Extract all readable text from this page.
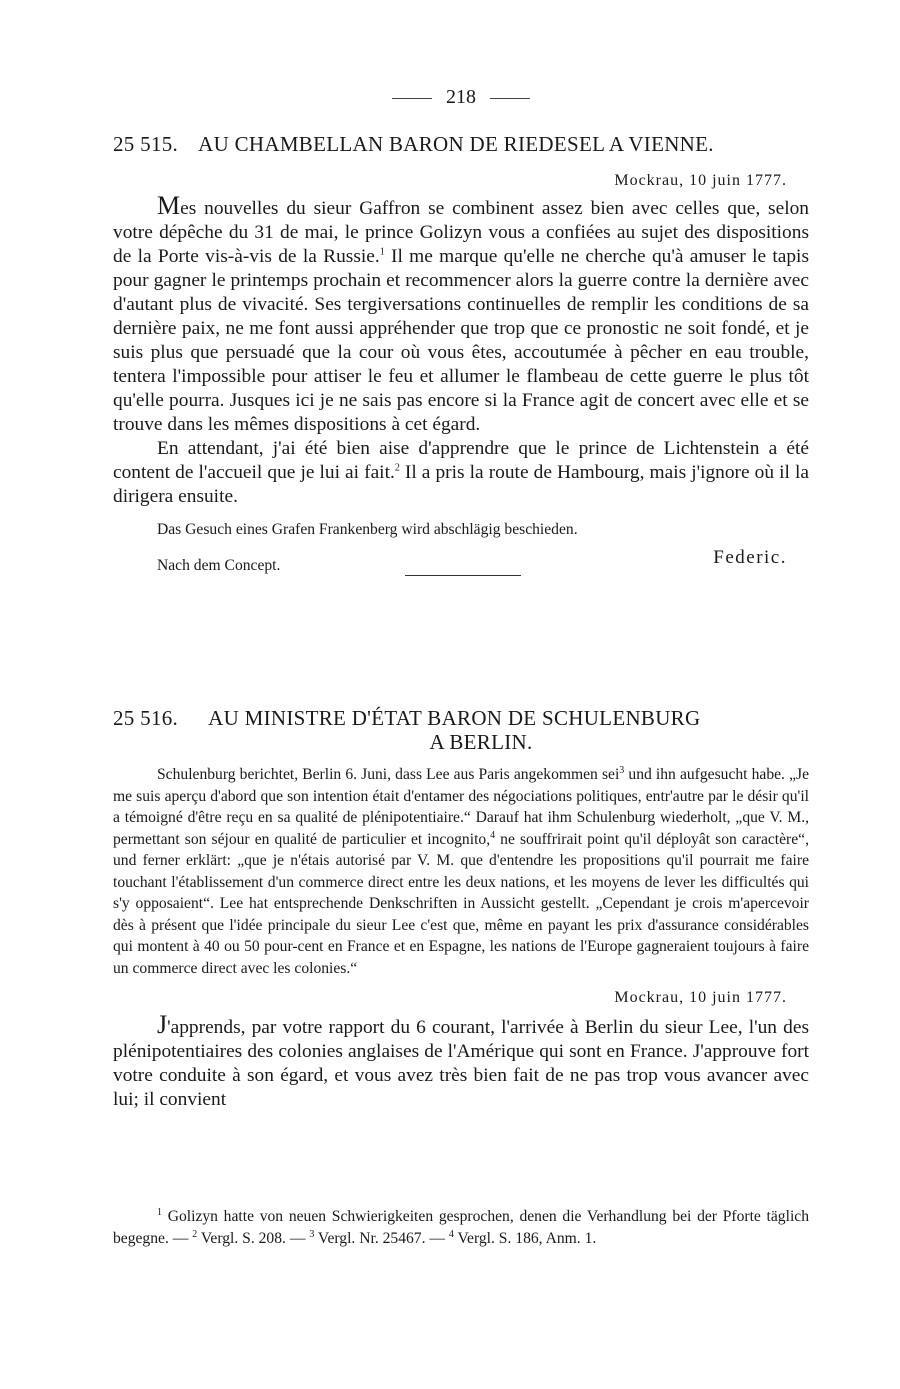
218
25 515. AU CHAMBELLAN BARON DE RIEDESEL A VIENNE.
Mockrau, 10 juin 1777.

Mes nouvelles du sieur Gaffron se combinent assez bien avec celles que, selon votre dépêche du 31 de mai, le prince Golizyn vous a confiées au sujet des dispositions de la Porte vis-à-vis de la Russie.$^1$ Il me marque qu'elle ne cherche qu'à amuser le tapis pour gagner le printemps prochain et recommencer alors la guerre contre la dernière avec d'autant plus de vivacité. Ses tergiversations continuelles de remplir les conditions de sa dernière paix, ne me font aussi appréhender que trop que ce pronostic ne soit fondé, et je suis plus que persuadé que la cour où vous êtes, accoutumée à pêcher en eau trouble, tentera l'impossible pour attiser le feu et allumer le flambeau de cette guerre le plus tôt qu'elle pourra. Jusques ici je ne sais pas encore si la France agit de concert avec elle et se trouve dans les mêmes dispositions à cet égard.

En attendant, j'ai été bien aise d'apprendre que le prince de Lichtenstein a été content de l'accueil que je lui ai fait.$^2$ Il a pris la route de Hambourg, mais j'ignore où il la dirigera ensuite.

Das Gesuch eines Grafen Frankenberg wird abschlägig beschieden.
Nach dem Concept.	Federic.
25 516. AU MINISTRE D'ÉTAT BARON DE SCHULENBURG
A BERLIN.

Schulenburg berichtet, Berlin 6. Juni, dass Lee aus Paris angekommen sei$^3$ und ihn aufgesucht habe. „Je me suis aperçu d'abord que son intention était d'entamer des négociations politiques, entr'autre par le désir qu'il a témoigné d'être reçu en sa qualité de plénipotentiaire.“ Darauf hat ihm Schulenburg wiederholt, „que V. M., permettant son séjour en qualité de particulier et incognito,$^4$ ne souffrirait point qu'il déployât son caractère“, und ferner erklärt: „que je n'étais autorisé par V. M. que d'entendre les propositions qu'il pourrait me faire touchant l'établissement d'un commerce direct entre les deux nations, et les moyens de lever les difficultés qui s'y opposaient“. Lee hat entsprechende Denkschriften in Aussicht gestellt. „Cependant je crois m'apercevoir dès à présent que l'idée principale du sieur Lee c'est que, même en payant les prix d'assurance considérables qui montent à 40 ou 50 pour-cent en France et en Espagne, les nations de l'Europe gagneraient toujours à faire un commerce direct avec les colonies.“

Mockrau, 10 juin 1777.

J'apprends, par votre rapport du 6 courant, l'arrivée à Berlin du sieur Lee, l'un des plénipotentiaires des colonies anglaises de l'Amérique qui sont en France. J'approuve fort votre conduite à son égard, et vous avez très bien fait de ne pas trop vous avancer avec lui; il convient

$^1$ Golizyn hatte von neuen Schwierigkeiten gesprochen, denen die Verhandlung bei der Pforte täglich begegne. — $^2$ Vergl. S. 208. — $^3$ Vergl. Nr. 25467. — $^4$ Vergl. S. 186, Anm. 1.
